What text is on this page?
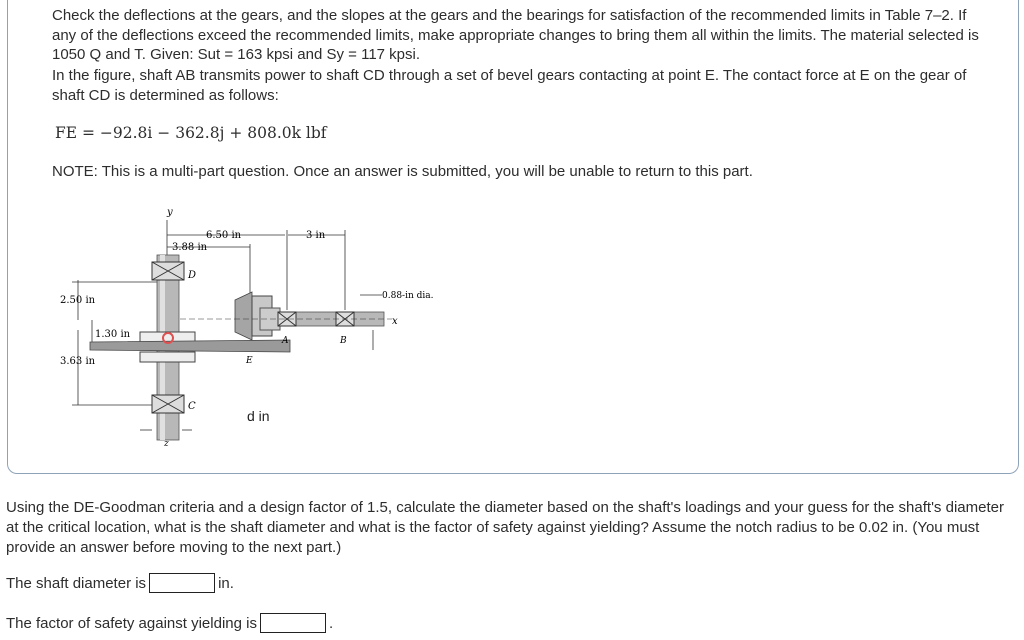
Check the deflections at the gears, and the slopes at the gears and the bearings for satisfaction of the recommended limits in Table 7–2. If any of the deflections exceed the recommended limits, make appropriate changes to bring them all within the limits. The material selected is 1050 Q and T. Given: Sut = 163 kpsi and Sy = 117 kpsi.

In the figure, shaft AB transmits power to shaft CD through a set of bevel gears contacting at point E. The contact force at E on the gear of shaft CD is determined as follows:

FE = −92.8i − 362.8j + 808.0k lbf
NOTE: This is a multi-part question. Once an answer is submitted, you will be unable to return to this part.
6.50 in
3.88 in
3 in
y
2.50 in
1.30 in
3.63 in
D
C
A	B
x
E
z
0.88-in dia.
d in

Using the DE-Goodman criteria and a design factor of 1.5, calculate the diameter based on the shaft's loadings and your guess for the shaft's diameter at the critical location, what is the shaft diameter and what is the factor of safety against yielding? Assume the notch radius to be 0.02 in. (You must provide an answer before moving to the next part.)

The shaft diameter is	in.
The factor of safety against yielding is	.
